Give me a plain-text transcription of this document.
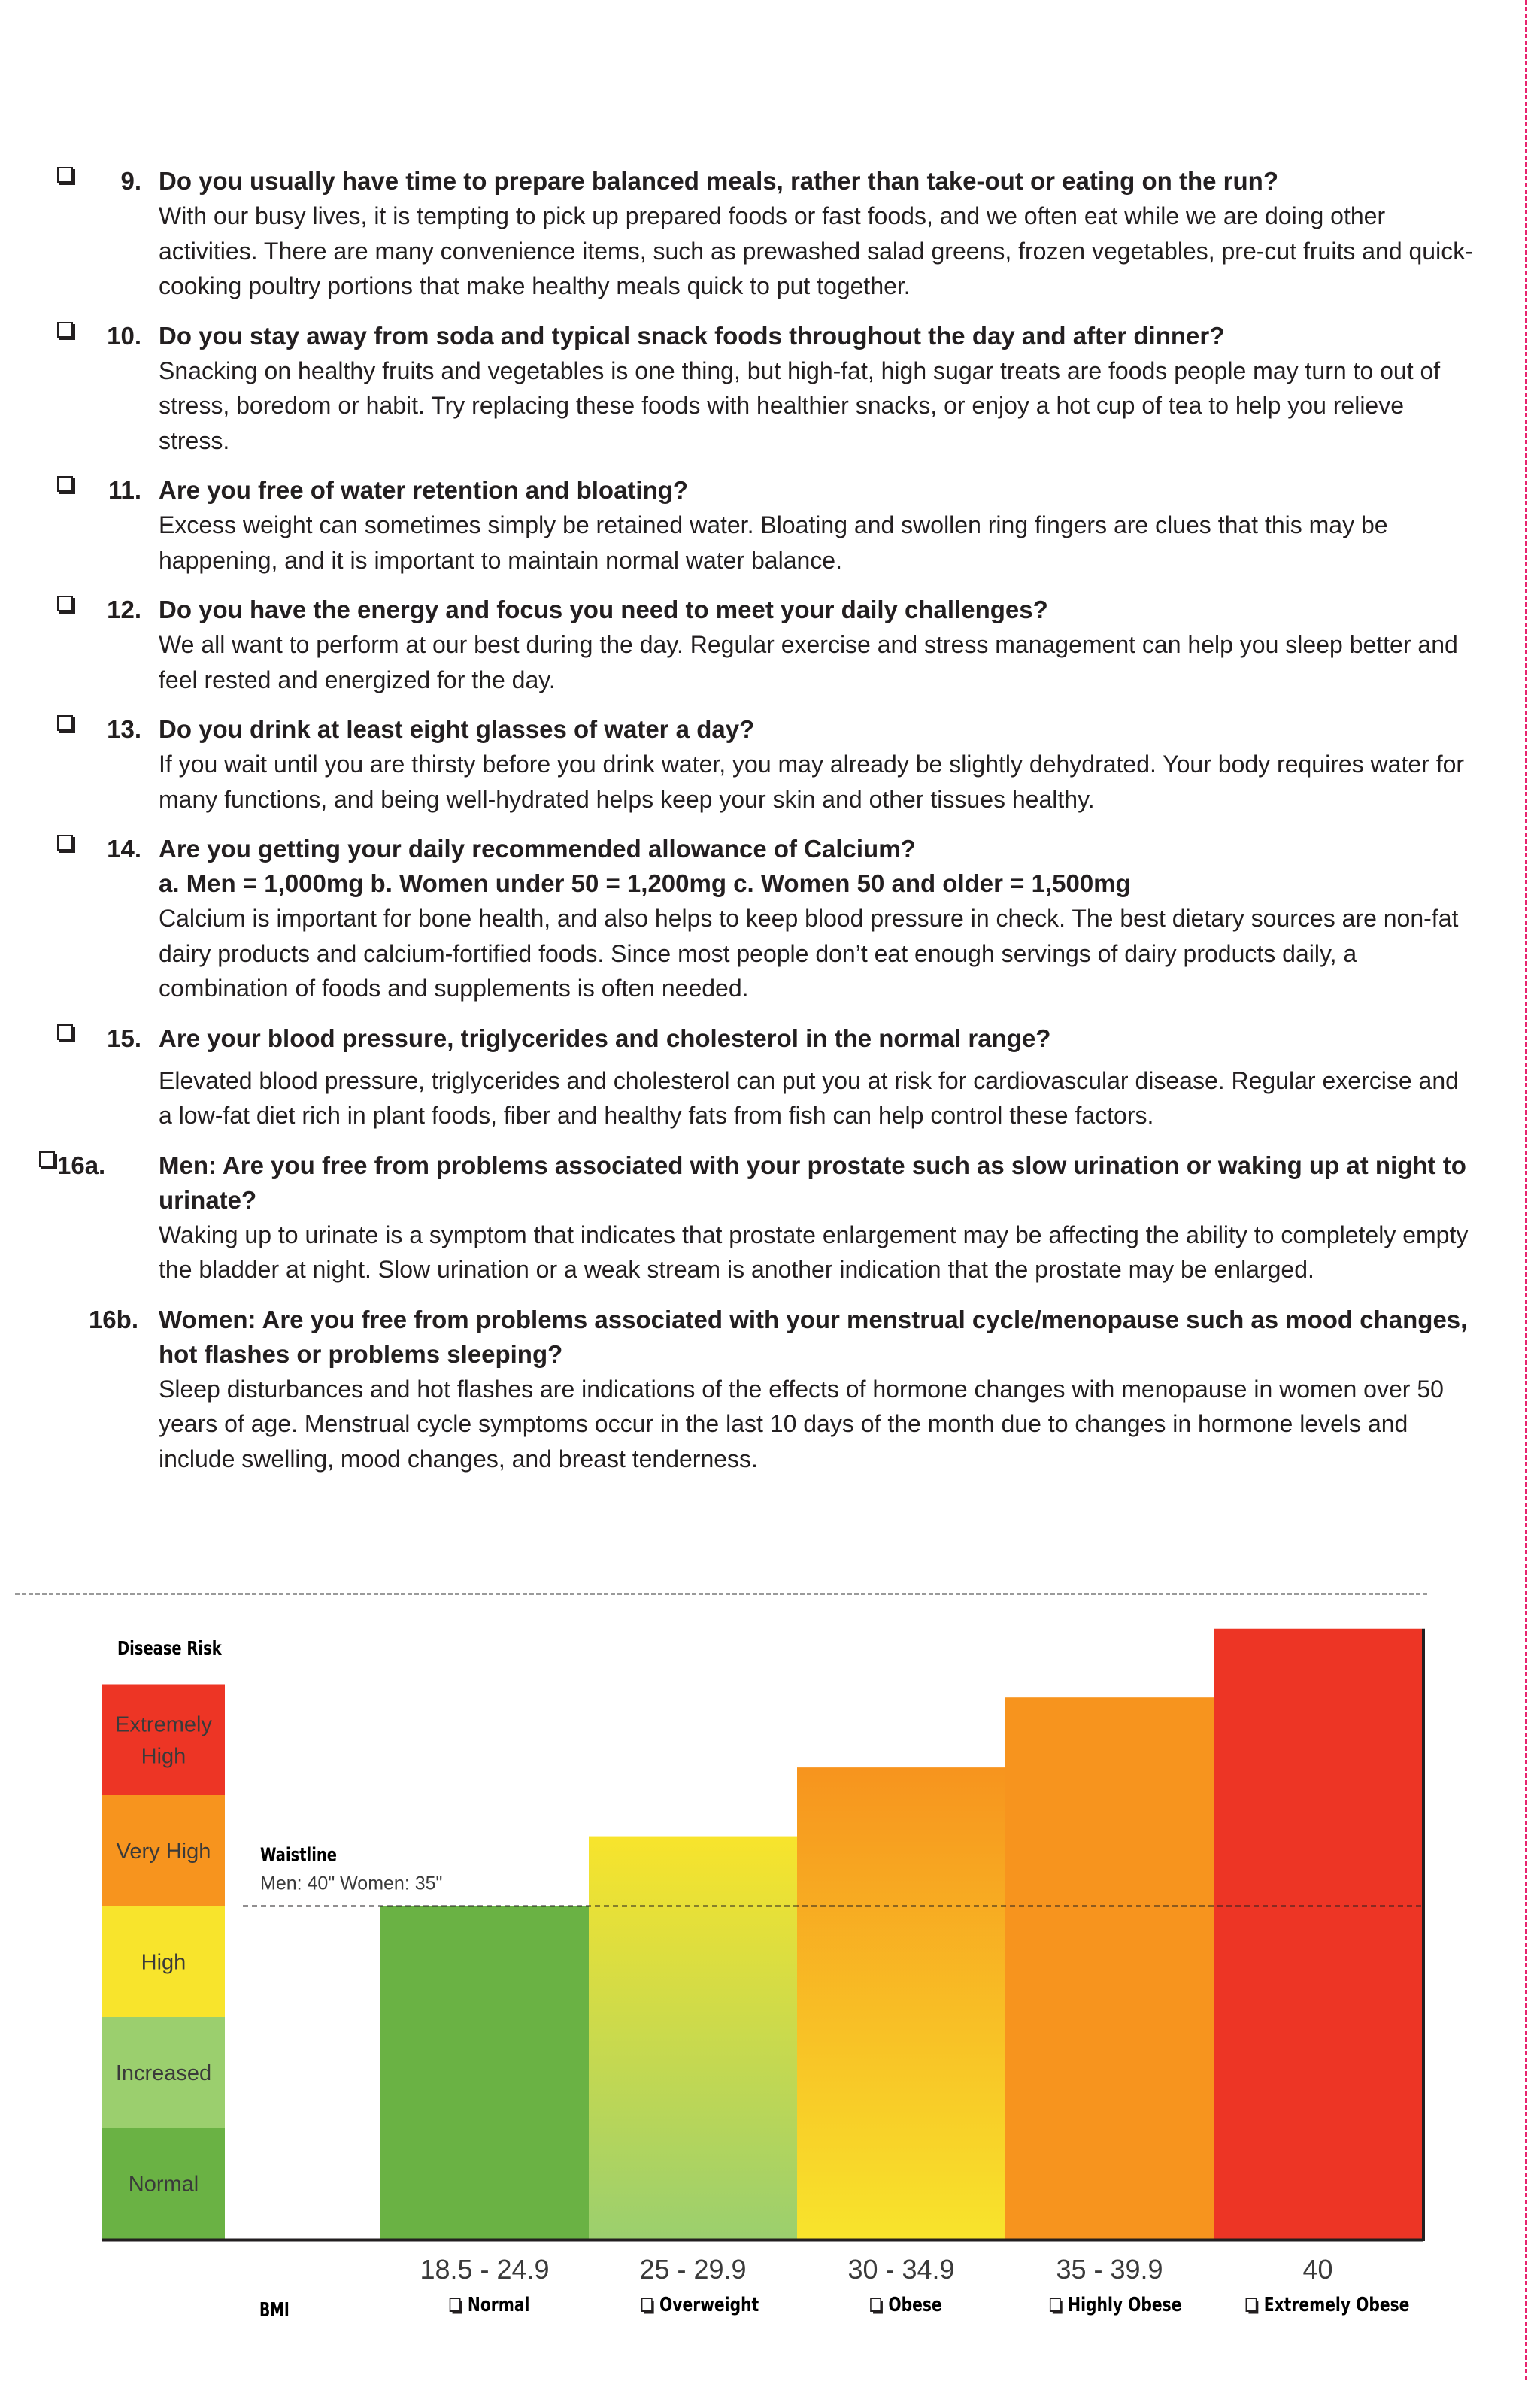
9. Do you usually have time to prepare balanced meals, rather than take-out or eating on the run?

With our busy lives, it is tempting to pick up prepared foods or fast foods, and we often eat while we are doing other activities. There are many convenience items, such as prewashed salad greens, frozen vegetables, pre-cut fruits and quick-cooking poultry portions that make healthy meals quick to put together.

10. Do you stay away from soda and typical snack foods throughout the day and after dinner?

Snacking on healthy fruits and vegetables is one thing, but high-fat, high sugar treats are foods people may turn to out of stress, boredom or habit. Try replacing these foods with healthier snacks, or enjoy a hot cup of tea to help you relieve stress.

11. Are you free of water retention and bloating?

Excess weight can sometimes simply be retained water. Bloating and swollen ring fingers are clues that this may be happening, and it is important to maintain normal water balance.

12. Do you have the energy and focus you need to meet your daily challenges?

We all want to perform at our best during the day. Regular exercise and stress management can help you sleep better and feel rested and energized for the day.

13. Do you drink at least eight glasses of water a day?

If you wait until you are thirsty before you drink water, you may already be slightly dehydrated. Your body requires water for many functions, and being well-hydrated helps keep your skin and other tissues healthy.

14. Are you getting your daily recommended allowance of Calcium?
a. Men = 1,000mg b. Women under 50 = 1,200mg c. Women 50 and older = 1,500mg

Calcium is important for bone health, and also helps to keep blood pressure in check. The best dietary sources are non-fat dairy products and calcium-fortified foods. Since most people don’t eat enough servings of dairy products daily, a combination of foods and supplements is often needed.

15. Are your blood pressure, triglycerides and cholesterol in the normal range?

Elevated blood pressure, triglycerides and cholesterol can put you at risk for cardiovascular disease. Regular exercise and a low-fat diet rich in plant foods, fiber and healthy fats from fish can help control these factors.

16a.	Men: Are you free from problems associated with your prostate such as slow urination or waking up at night to urinate?

Waking up to urinate is a symptom that indicates that prostate enlargement may be affecting the ability to completely empty the bladder at night. Slow urination or a weak stream is another indication that the prostate may be enlarged.

16b. Women: Are you free from problems associated with your menstrual cycle/menopause such as mood changes, hot flashes or problems sleeping?

Sleep disturbances and hot flashes are indications of the effects of hormone changes with menopause in women over 50 years of age. Menstrual cycle symptoms occur in the last 10 days of the month due to changes in hormone levels and include swelling, mood changes, and breast tenderness.

Disease Risk
Normal
Increased
High
Very High
Extremely
High
Waistline
Men: 40" Women: 35"
BMI
18.5 - 24.9
Normal
25 - 29.9
Overweight
30 - 34.9
Obese
35 - 39.9
Highly Obese
40
Extremely Obese
